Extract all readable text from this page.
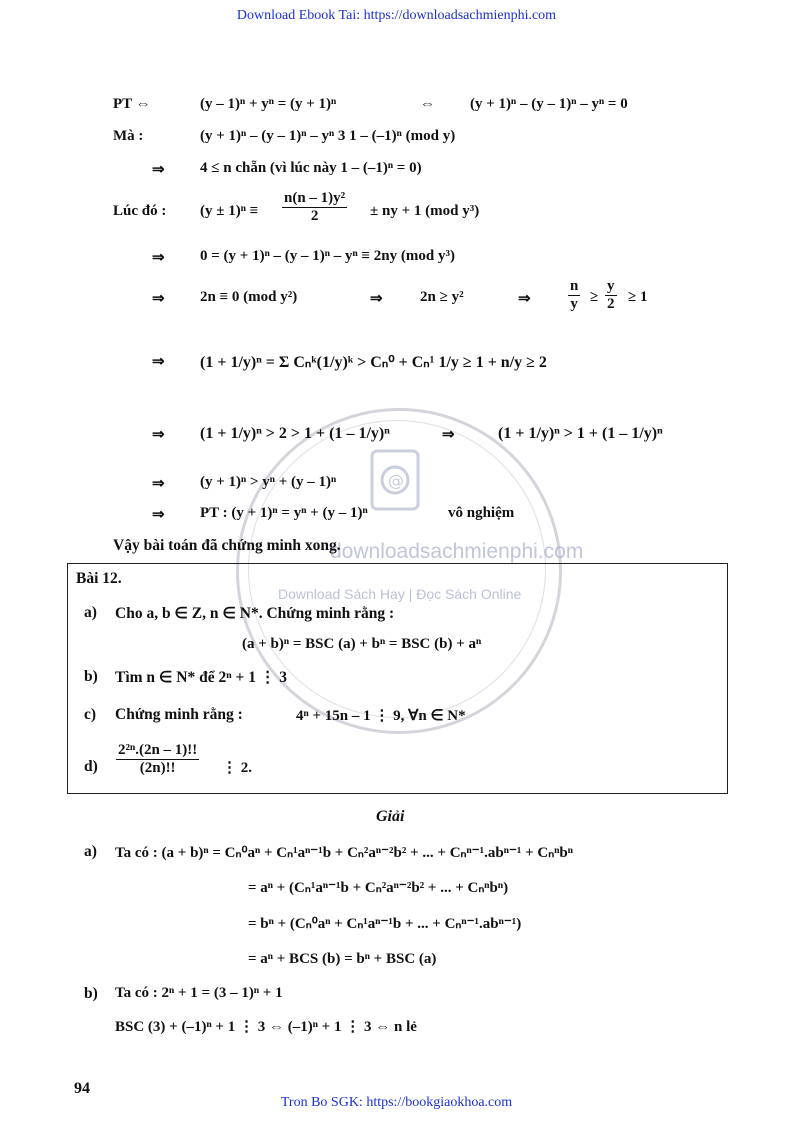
Download Ebook Tai: https://downloadsachmienphi.com
Tron Bo SGK: https://bookgiaokhoa.com
@
downloadsachmienphi.com
Download Sách Hay | Đọc Sách Online
PT ⇔	(y – 1)ⁿ + yⁿ = (y + 1)ⁿ	⇔ (y + 1)ⁿ – (y – 1)ⁿ – yⁿ = 0
Mà :	(y + 1)ⁿ – (y – 1)ⁿ – yⁿ 3 1 – (–1)ⁿ (mod y)
⇒ 4 ≤ n chẵn (vì lúc này 1 – (–1)ⁿ = 0)
Lúc đó : $(y \pm 1)^n \equiv \frac{\text{n(n – 1)y²}}{2}$ ± ny + 1 (mod y³)
⇒ 0 = (y + 1)ⁿ – (y – 1)ⁿ – yⁿ ≡ 2ny (mod y³)
⇒ 2n ≡ 0 (mod y²)	⇒ 2n ≥ y²	⇒ $\frac{n}{y} \ge \frac{y}{2} \ge 1$
⇒ (1 + 1/y)ⁿ = Σ Cₙᵏ(1/y)ᵏ > Cₙ⁰ + Cₙ¹ 1/y ≥ 1 + n/y ≥ 2
⇒ (1 + 1/y)ⁿ > 2 > 1 + (1 – 1/y)ⁿ	⇒	(1 + 1/y)ⁿ > 1 + (1 – 1/y)ⁿ
⇒ (y + 1)ⁿ > yⁿ + (y – 1)ⁿ
⇒ PT : (y + 1)ⁿ = yⁿ + (y – 1)ⁿ	vô nghiệm
Vậy bài toán đã chứng minh xong.
Bài 12.
a) Cho a, b ∈ Z, n ∈ N*. Chứng minh rằng :
(a + b)ⁿ = BSC (a) + bⁿ = BSC (b) + aⁿ
b) Tìm n ∈ N* để 2ⁿ + 1 ⋮ 3
c) Chứng minh rằng :	4ⁿ + 15n – 1 ⋮ 9, ∀n ∈ N*
$d) \frac{\text{2²ⁿ.(2n – 1)!!}}{(2n)!!}$ ⋮ 2.
Giải
a) Ta có : (a + b)ⁿ = Cₙ⁰aⁿ + Cₙ¹aⁿ⁻¹b + Cₙ²aⁿ⁻²b² + ... + Cₙⁿ⁻¹.abⁿ⁻¹ + Cₙⁿbⁿ
= aⁿ + (Cₙ¹aⁿ⁻¹b + Cₙ²aⁿ⁻²b² + ... + Cₙⁿbⁿ)
= bⁿ + (Cₙ⁰aⁿ + Cₙ¹aⁿ⁻¹b + ... + Cₙⁿ⁻¹.abⁿ⁻¹)
= aⁿ + BCS (b) = bⁿ + BSC (a)
b) Ta có : 2ⁿ + 1 = (3 – 1)ⁿ + 1
BSC (3) + (–1)ⁿ + 1 ⋮ 3 ⇔ (–1)ⁿ + 1 ⋮ 3 ⇔ n lẻ
94
